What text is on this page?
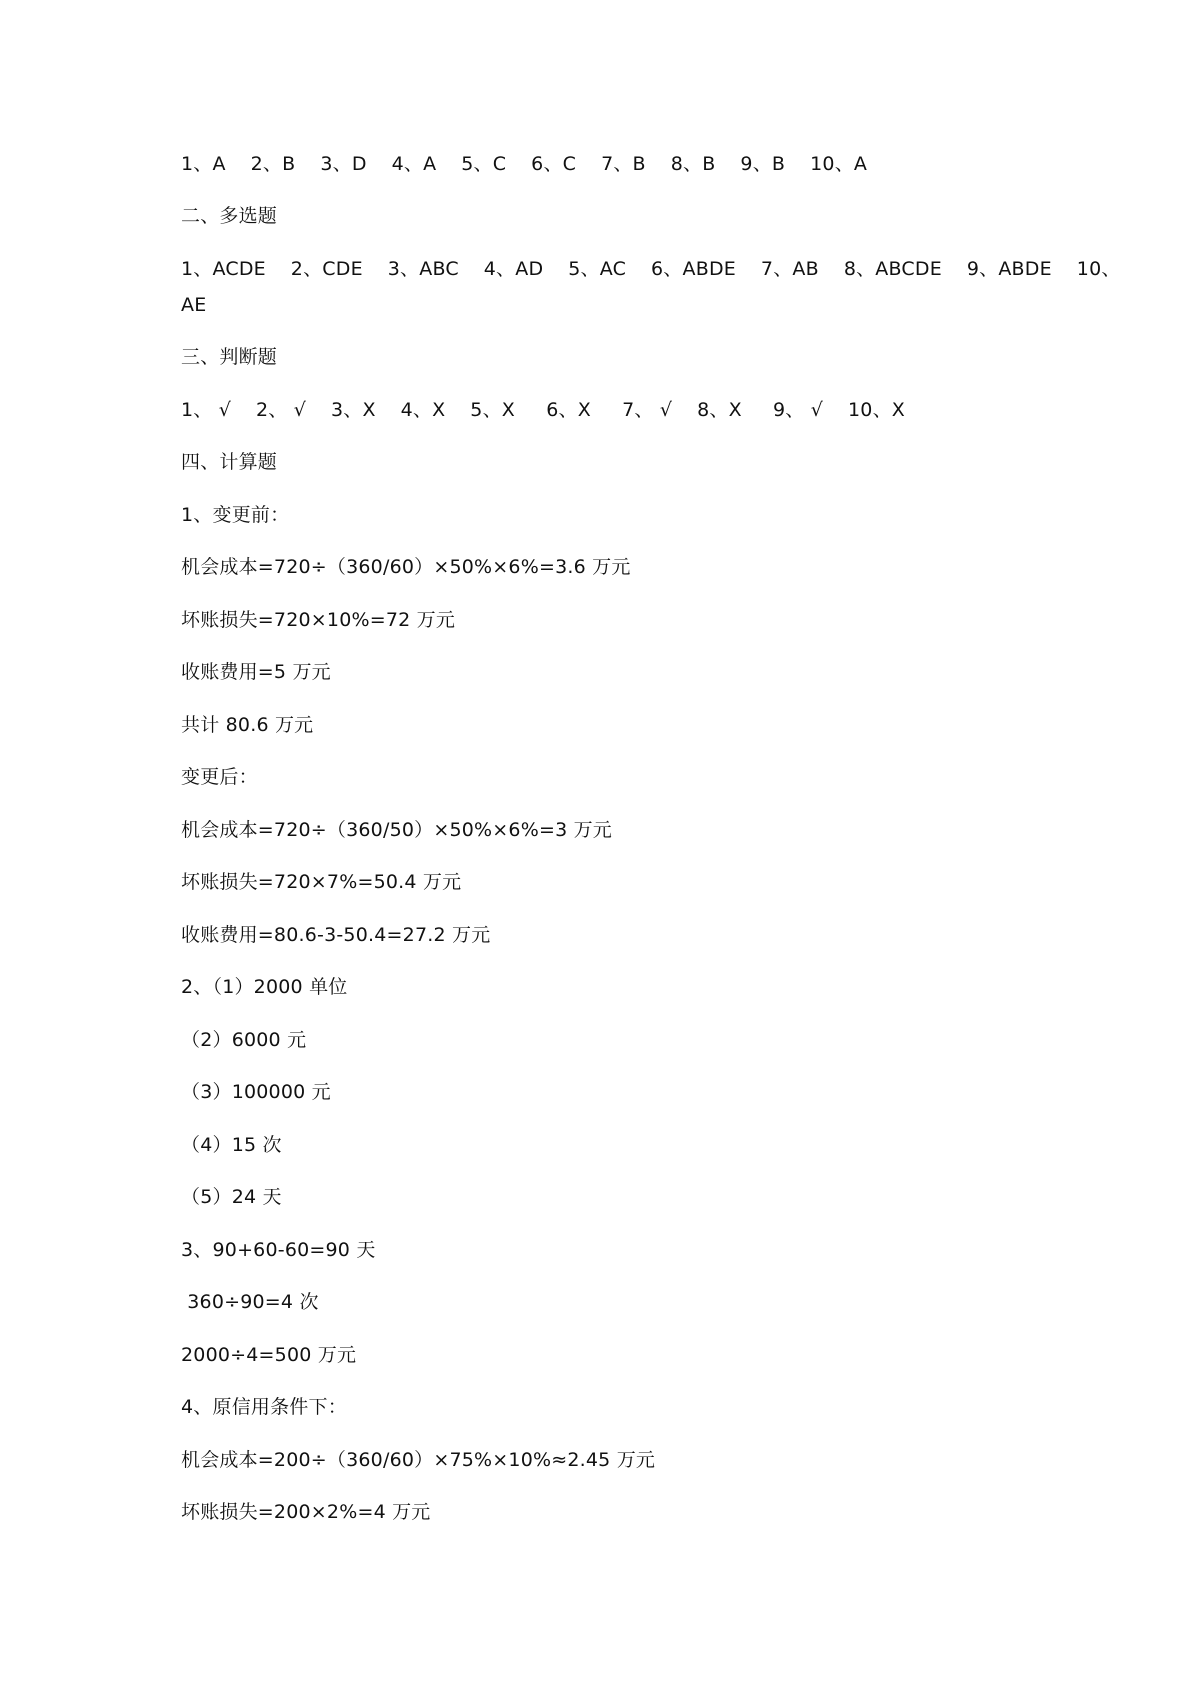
1、A    2、B    3、D    4、A    5、C    6、C    7、B    8、B    9、B    10、A
二、多选题
1、ACDE    2、CDE    3、ABC    4、AD    5、AC    6、ABDE    7、AB    8、ABCDE    9、ABDE    10、
AE
三、判断题
1、 √    2、 √    3、X    4、X    5、X     6、X     7、 √    8、X     9、 √    10、X
四、计算题
1、变更前：
机会成本=720÷（360/60）×50%×6%=3.6 万元
坏账损失=720×10%=72 万元
收账费用=5 万元
共计 80.6 万元
变更后：
机会成本=720÷（360/50）×50%×6%=3 万元
坏账损失=720×7%=50.4 万元
收账费用=80.6-3-50.4=27.2 万元
2、（1）2000 单位
（2）6000 元
（3）100000 元
（4）15 次
（5）24 天
3、90+60-60=90 天
360÷90=4 次
2000÷4=500 万元
4、原信用条件下：
机会成本=200÷（360/60）×75%×10%≈2.45 万元
坏账损失=200×2%=4 万元
